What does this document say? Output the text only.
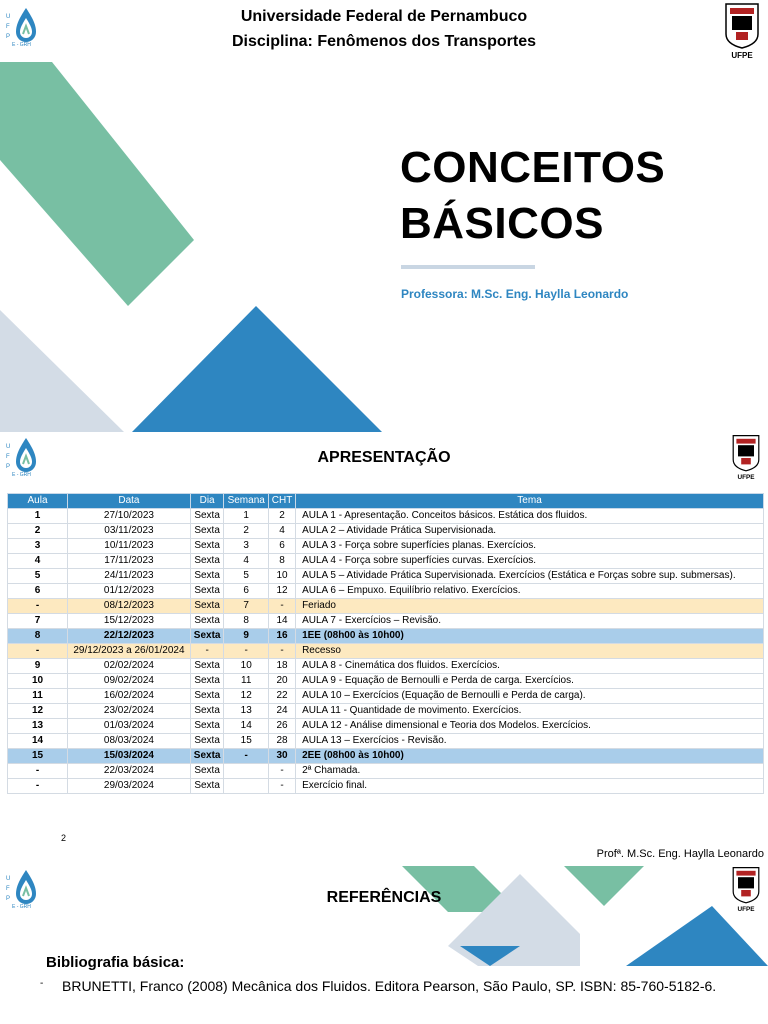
U
F
P
E - GRH
Universidade Federal de Pernambuco
Disciplina: Fenômenos dos Transportes
UFPE
CONCEITOS
BÁSICOS
Professora: M.Sc. Eng. Haylla Leonardo
U
F
P
E - GRH	UFPE
APRESENTAÇÃO
Aula	Data	Dia	Semana	CHT	Tema
1	27/10/2023	Sexta	1	2	AULA 1 - Apresentação. Conceitos básicos. Estática dos fluidos.
2	03/11/2023	Sexta	2	4	AULA 2 – Atividade Prática Supervisionada.
3	10/11/2023	Sexta	3	6	AULA 3 - Força sobre superfícies planas. Exercícios.
4	17/11/2023	Sexta	4	8	AULA 4 - Força sobre superfícies curvas. Exercícios.
5	24/11/2023	Sexta	5	10	AULA 5 – Atividade Prática Supervisionada. Exercícios (Estática e Forças sobre sup. submersas).
6	01/12/2023	Sexta	6	12	AULA 6 – Empuxo. Equilíbrio relativo. Exercícios.
-	08/12/2023	Sexta	7	-	Feriado
7	15/12/2023	Sexta	8	14	AULA 7 - Exercícios – Revisão.
8	22/12/2023	Sexta	9	16	1EE (08h00 às 10h00)
-	29/12/2023 a 26/01/2024	-	-	-	Recesso
9	02/02/2024	Sexta	10	18	AULA 8 - Cinemática dos fluidos. Exercícios.
10	09/02/2024	Sexta	11	20	AULA 9 - Equação de Bernoulli e Perda de carga. Exercícios.
11	16/02/2024	Sexta	12	22	AULA 10 – Exercícios (Equação de Bernoulli e Perda de carga).
12	23/02/2024	Sexta	13	24	AULA 11 - Quantidade de movimento. Exercícios.
13	01/03/2024	Sexta	14	26	AULA 12 - Análise dimensional e Teoria dos Modelos. Exercícios.
14	08/03/2024	Sexta	15	28	AULA 13 – Exercícios - Revisão.
15	15/03/2024	Sexta	-	30	2EE (08h00 às 10h00)
-	22/03/2024	Sexta		-	2ª Chamada.
-	29/03/2024	Sexta		-	Exercício final.
2
Profª. M.Sc. Eng. Haylla Leonardo
U
F
P
E - GRH	UFPE
REFERÊNCIAS
Bibliografia básica:
- BRUNETTI, Franco (2008) Mecânica dos Fluidos. Editora Pearson, São Paulo, SP. ISBN: 85-760-5182-6.
